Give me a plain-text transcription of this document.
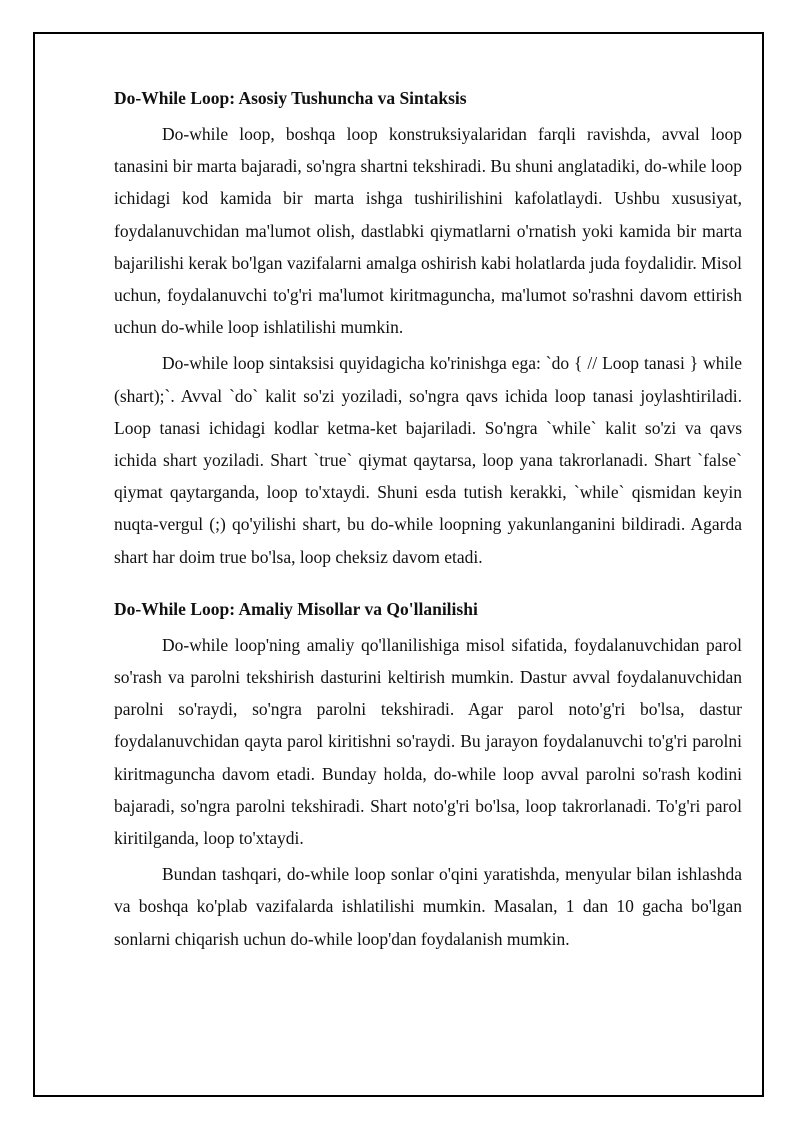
Do-While Loop: Asosiy Tushuncha va Sintaksis

Do-while loop, boshqa loop konstruksiyalaridan farqli ravishda, avval loop tanasini bir marta bajaradi, so'ngra shartni tekshiradi. Bu shuni anglatadiki, do-while loop ichidagi kod kamida bir marta ishga tushirilishini kafolatlaydi. Ushbu xususiyat, foydalanuvchidan ma'lumot olish, dastlabki qiymatlarni o'rnatish yoki kamida bir marta bajarilishi kerak bo'lgan vazifalarni amalga oshirish kabi holatlarda juda foydalidir. Misol uchun, foydalanuvchi to'g'ri ma'lumot kiritmaguncha, ma'lumot so'rashni davom ettirish uchun do-while loop ishlatilishi mumkin.

Do-while loop sintaksisi quyidagicha ko'rinishga ega: `do { // Loop tanasi } while (shart);`. Avval `do` kalit so'zi yoziladi, so'ngra qavs ichida loop tanasi joylashtiriladi. Loop tanasi ichidagi kodlar ketma-ket bajariladi. So'ngra `while` kalit so'zi va qavs ichida shart yoziladi. Shart `true` qiymat qaytarsa, loop yana takrorlanadi. Shart `false` qiymat qaytarganda, loop to'xtaydi. Shuni esda tutish kerakki, `while` qismidan keyin nuqta-vergul (;) qo'yilishi shart, bu do-while loopning yakunlanganini bildiradi. Agarda shart har doim true bo'lsa, loop cheksiz davom etadi.

Do-While Loop: Amaliy Misollar va Qo'llanilishi

Do-while loop'ning amaliy qo'llanilishiga misol sifatida, foydalanuvchidan parol so'rash va parolni tekshirish dasturini keltirish mumkin. Dastur avval foydalanuvchidan parolni so'raydi, so'ngra parolni tekshiradi. Agar parol noto'g'ri bo'lsa, dastur foydalanuvchidan qayta parol kiritishni so'raydi. Bu jarayon foydalanuvchi to'g'ri parolni kiritmaguncha davom etadi. Bunday holda, do-while loop avval parolni so'rash kodini bajaradi, so'ngra parolni tekshiradi. Shart noto'g'ri bo'lsa, loop takrorlanadi. To'g'ri parol kiritilganda, loop to'xtaydi.

Bundan tashqari, do-while loop sonlar o'qini yaratishda, menyular bilan ishlashda va boshqa ko'plab vazifalarda ishlatilishi mumkin. Masalan, 1 dan 10 gacha bo'lgan sonlarni chiqarish uchun do-while loop'dan foydalanish mumkin.
